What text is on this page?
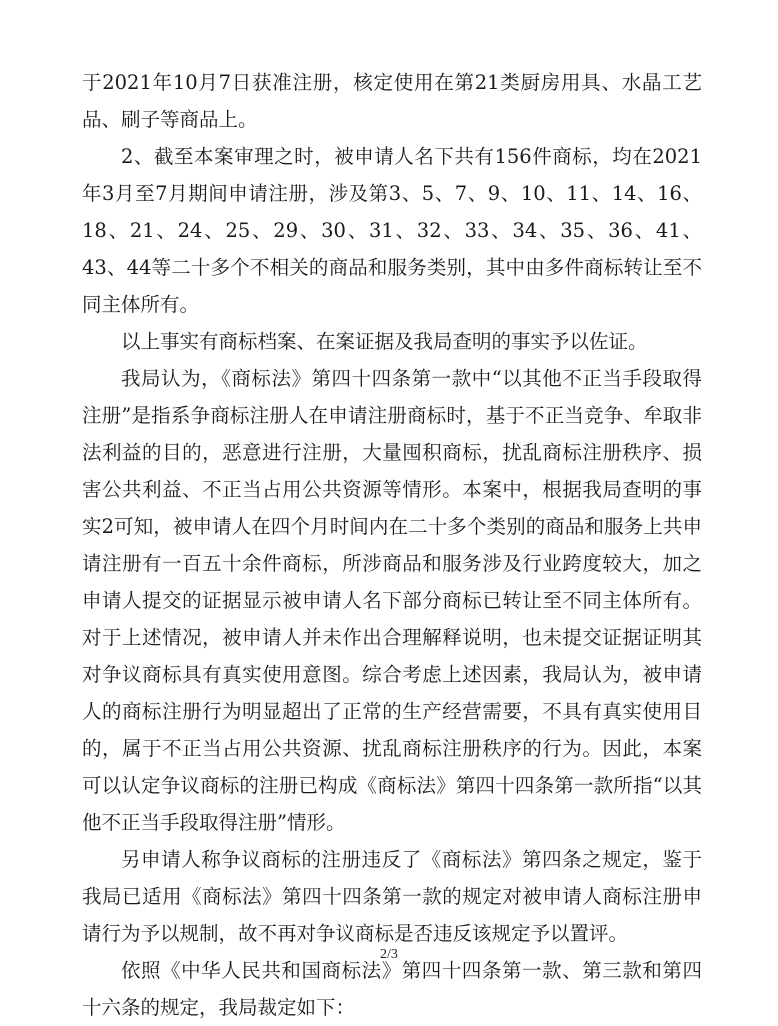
于2021年10月7日获准注册，核定使用在第21类厨房用具、水晶工艺品、刷子等商品上。

2、截至本案审理之时，被申请人名下共有156件商标，均在2021年3月至7月期间申请注册，涉及第3、5、7、9、10、11、14、16、18、21、24、25、29、30、31、32、33、34、35、36、41、43、44等二十多个不相关的商品和服务类别，其中由多件商标转让至不同主体所有。

以上事实有商标档案、在案证据及我局查明的事实予以佐证。

我局认为，《商标法》第四十四条第一款中“以其他不正当手段取得注册”是指系争商标注册人在申请注册商标时，基于不正当竞争、牟取非法利益的目的，恶意进行注册，大量囤积商标，扰乱商标注册秩序、损害公共利益、不正当占用公共资源等情形。本案中，根据我局查明的事实2可知，被申请人在四个月时间内在二十多个类别的商品和服务上共申请注册有一百五十余件商标，所涉商品和服务涉及行业跨度较大，加之申请人提交的证据显示被申请人名下部分商标已转让至不同主体所有。对于上述情况，被申请人并未作出合理解释说明，也未提交证据证明其对争议商标具有真实使用意图。综合考虑上述因素，我局认为，被申请人的商标注册行为明显超出了正常的生产经营需要，不具有真实使用目的，属于不正当占用公共资源、扰乱商标注册秩序的行为。因此，本案可以认定争议商标的注册已构成《商标法》第四十四条第一款所指“以其他不正当手段取得注册”情形。

另申请人称争议商标的注册违反了《商标法》第四条之规定，鉴于我局已适用《商标法》第四十四条第一款的规定对被申请人商标注册申请行为予以规制，故不再对争议商标是否违反该规定予以置评。

依照《中华人民共和国商标法》第四十四条第一款、第三款和第四十六条的规定，我局裁定如下：

2/3
